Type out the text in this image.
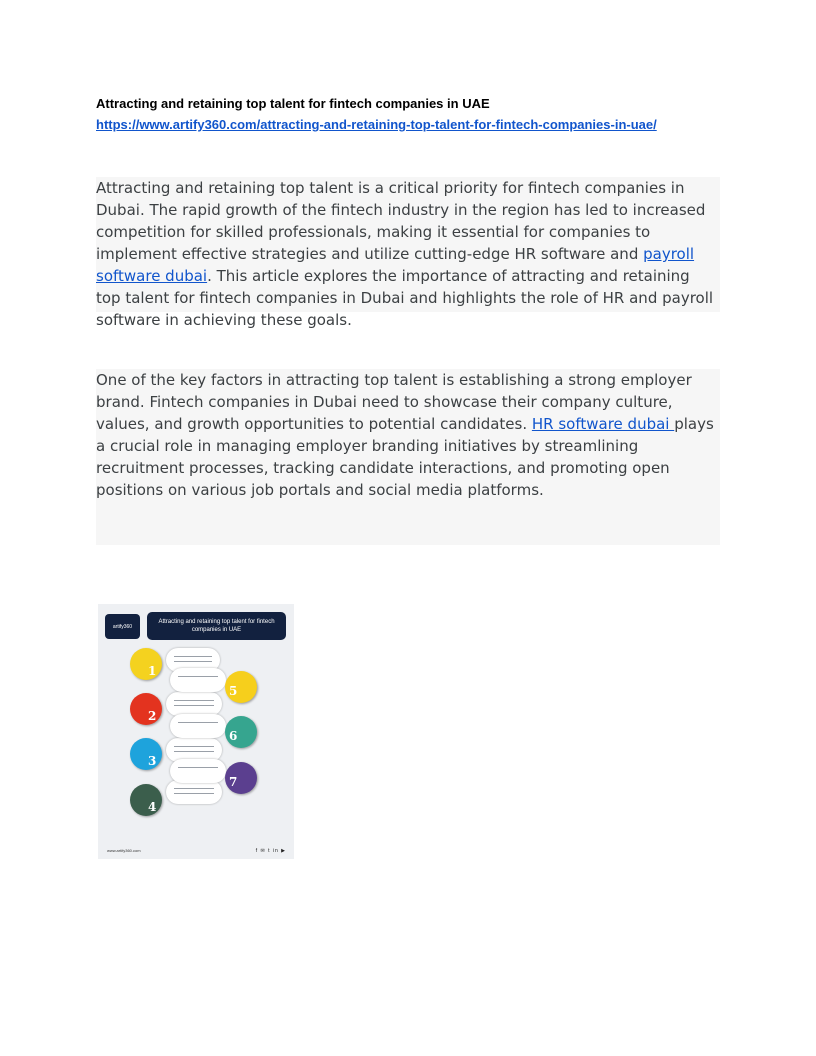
Attracting and retaining top talent for fintech companies in UAE
https://www.artify360.com/attracting-and-retaining-top-talent-for-fintech-companies-in-uae/
Attracting and retaining top talent is a critical priority for fintech companies in Dubai. The rapid growth of the fintech industry in the region has led to increased competition for skilled professionals, making it essential for companies to implement effective strategies and utilize cutting-edge HR software and payroll software dubai. This article explores the importance of attracting and retaining top talent for fintech companies in Dubai and highlights the role of HR and payroll software in achieving these goals.
One of the key factors in attracting top talent is establishing a strong employer brand. Fintech companies in Dubai need to showcase their company culture, values, and growth opportunities to potential candidates. HR software dubai plays a crucial role in managing employer branding initiatives by streamlining recruitment processes, tracking candidate interactions, and promoting open positions on various job portals and social media platforms.
artify360
Attracting and retaining top talent for fintech companies in UAE
1
2
3
4
5
6
7
www.artify360.com	f ✉ t in ▶
